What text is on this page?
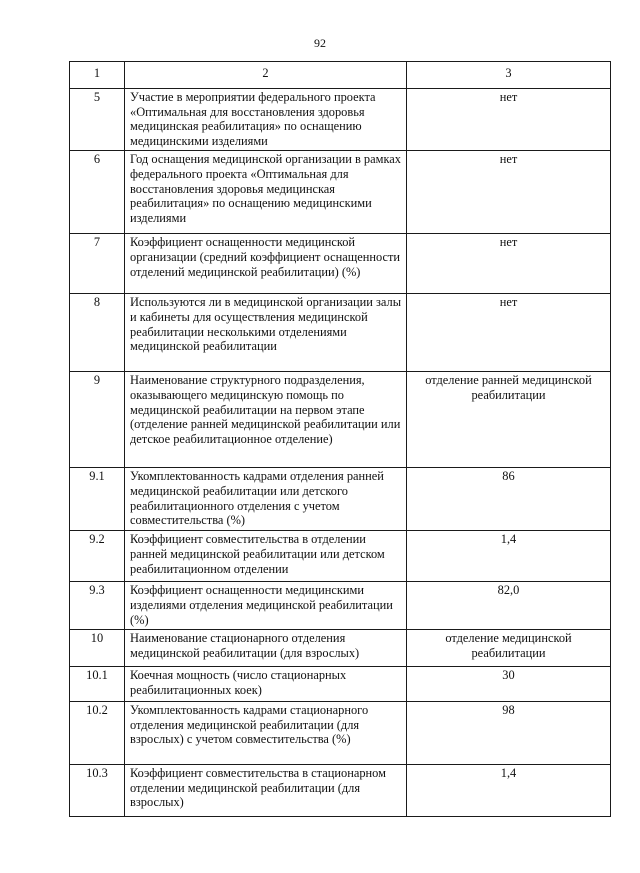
92
1	2	3
5	Участие в мероприятии федерального проекта «Оптимальная для восстановления здоровья медицинская реабилитация» по оснащению медицинскими изделиями	нет
6	Год оснащения медицинской организации в рамках федерального проекта «Оптимальная для восстановления здоровья медицинская реабилитация» по оснащению медицинскими изделиями	нет
7	Коэффициент оснащенности медицинской организации (средний коэффициент оснащенности отделений медицинской реабилитации) (%)	нет
8	Используются ли в медицинской организации залы и кабинеты для осуществления медицинской реабилитации несколькими отделениями медицинской реабилитации	нет
9	Наименование структурного подразделения, оказывающего медицинскую помощь по медицинской реабилитации на первом этапе (отделение ранней медицинской реабилитации или детское реабилитационное отделение)	отделение ранней медицинской реабилитации
9.1	Укомплектованность кадрами отделения ранней медицинской реабилитации или детского реабилитационного отделения с учетом совместительства (%)	86
9.2	Коэффициент совместительства в отделении ранней медицинской реабилитации или детском реабилитационном отделении	1,4
9.3	Коэффициент оснащенности медицинскими изделиями отделения медицинской реабилитации (%)	82,0
10	Наименование стационарного отделения медицинской реабилитации (для взрослых)	отделение медицинской реабилитации
10.1	Коечная мощность (число стационарных реабилитационных коек)	30
10.2	Укомплектованность кадрами стационарного отделения медицинской реабилитации (для взрослых) с учетом совместительства (%)	98
10.3	Коэффициент совместительства в стационарном отделении медицинской реабилитации (для взрослых)	1,4
